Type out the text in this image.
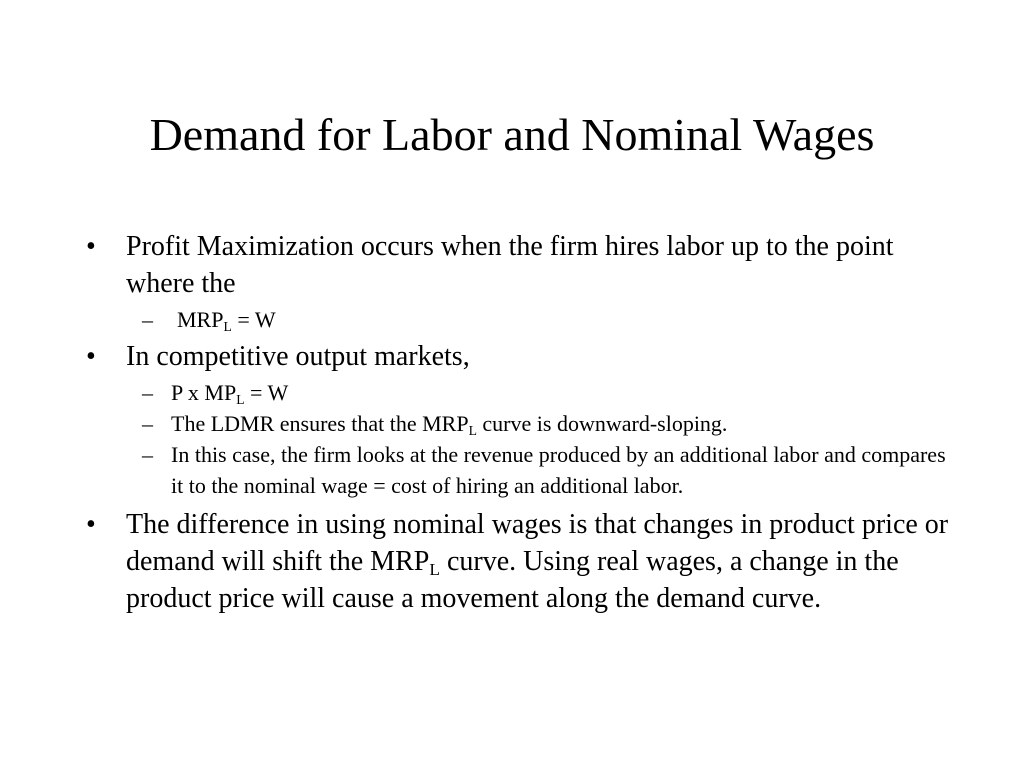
Demand for Labor and Nominal Wages
• Profit Maximization occurs when the firm hires labor up to the point where the
– $MRP_L = W$
• In competitive output markets,
– P x $MP_L = W$
– The LDMR ensures that the $MRP_L$ curve is downward-sloping.
– In this case, the firm looks at the revenue produced by an additional labor and compares it to the nominal wage = cost of hiring an additional labor.
• The difference in using nominal wages is that changes in product price or demand will shift the $MRP_L$ curve. Using real wages, a change in the product price will cause a movement along the demand curve.
